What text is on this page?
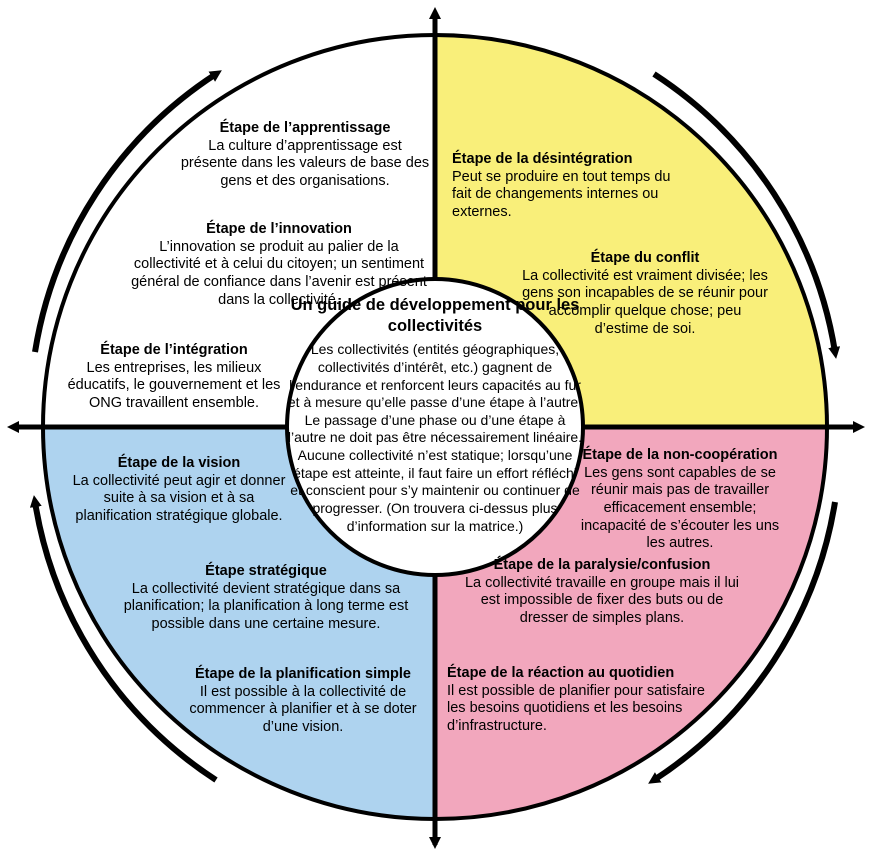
Un guide de développement pour les collectivités
Les collectivités (entités géographiques, collectivités d’intérêt, etc.) gagnent de l’endurance et renforcent leurs capacités au fur et à mesure qu’elle passe d’une étape à l’autre. Le passage d’une phase ou d’une étape à l’autre ne doit pas être nécessairement linéaire. Aucune collectivité n’est statique; lorsqu’une étape est atteinte, il faut faire un effort réfléchi et conscient pour s’y maintenir ou continuer de progresser. (On trouvera ci-dessus plus d’information sur la matrice.)
Étape de l’apprentissage
La culture d’apprentissage est présente dans les valeurs de base des gens et des organisations.
Étape de l’innovation
L’innovation se produit au palier de la collectivité et à celui du citoyen; un sentiment général de confiance dans l’avenir est présent dans la collectivité.
Étape de l’intégration
Les entreprises, les milieux éducatifs, le gouvernement et les ONG travaillent ensemble.
Étape de la désintégration
Peut se produire en tout temps du fait de changements internes ou externes.
Étape du conflit
La collectivité est vraiment divisée; les gens son incapables de se réunir pour accomplir quelque chose; peu d’estime de soi.
Étape de la non-coopération
Les gens sont capables de se réunir mais pas de travailler efficacement ensemble; incapacité de s’écouter les uns les autres.
Étape de la paralysie/confusion
La collectivité travaille en groupe mais il lui est impossible de fixer des buts ou de dresser de simples plans.
Étape de la réaction au quotidien
Il est possible de planifier pour satisfaire les besoins quotidiens et les besoins d’infrastructure.
Étape de la vision
La collectivité peut agir et donner suite à sa vision et à sa planification stratégique globale.
Étape stratégique
La collectivité devient stratégique dans sa planification; la planification à long terme est possible dans une certaine mesure.
Étape de la planification simple
Il est possible à la collectivité de commencer à planifier et à se doter d’une vision.
